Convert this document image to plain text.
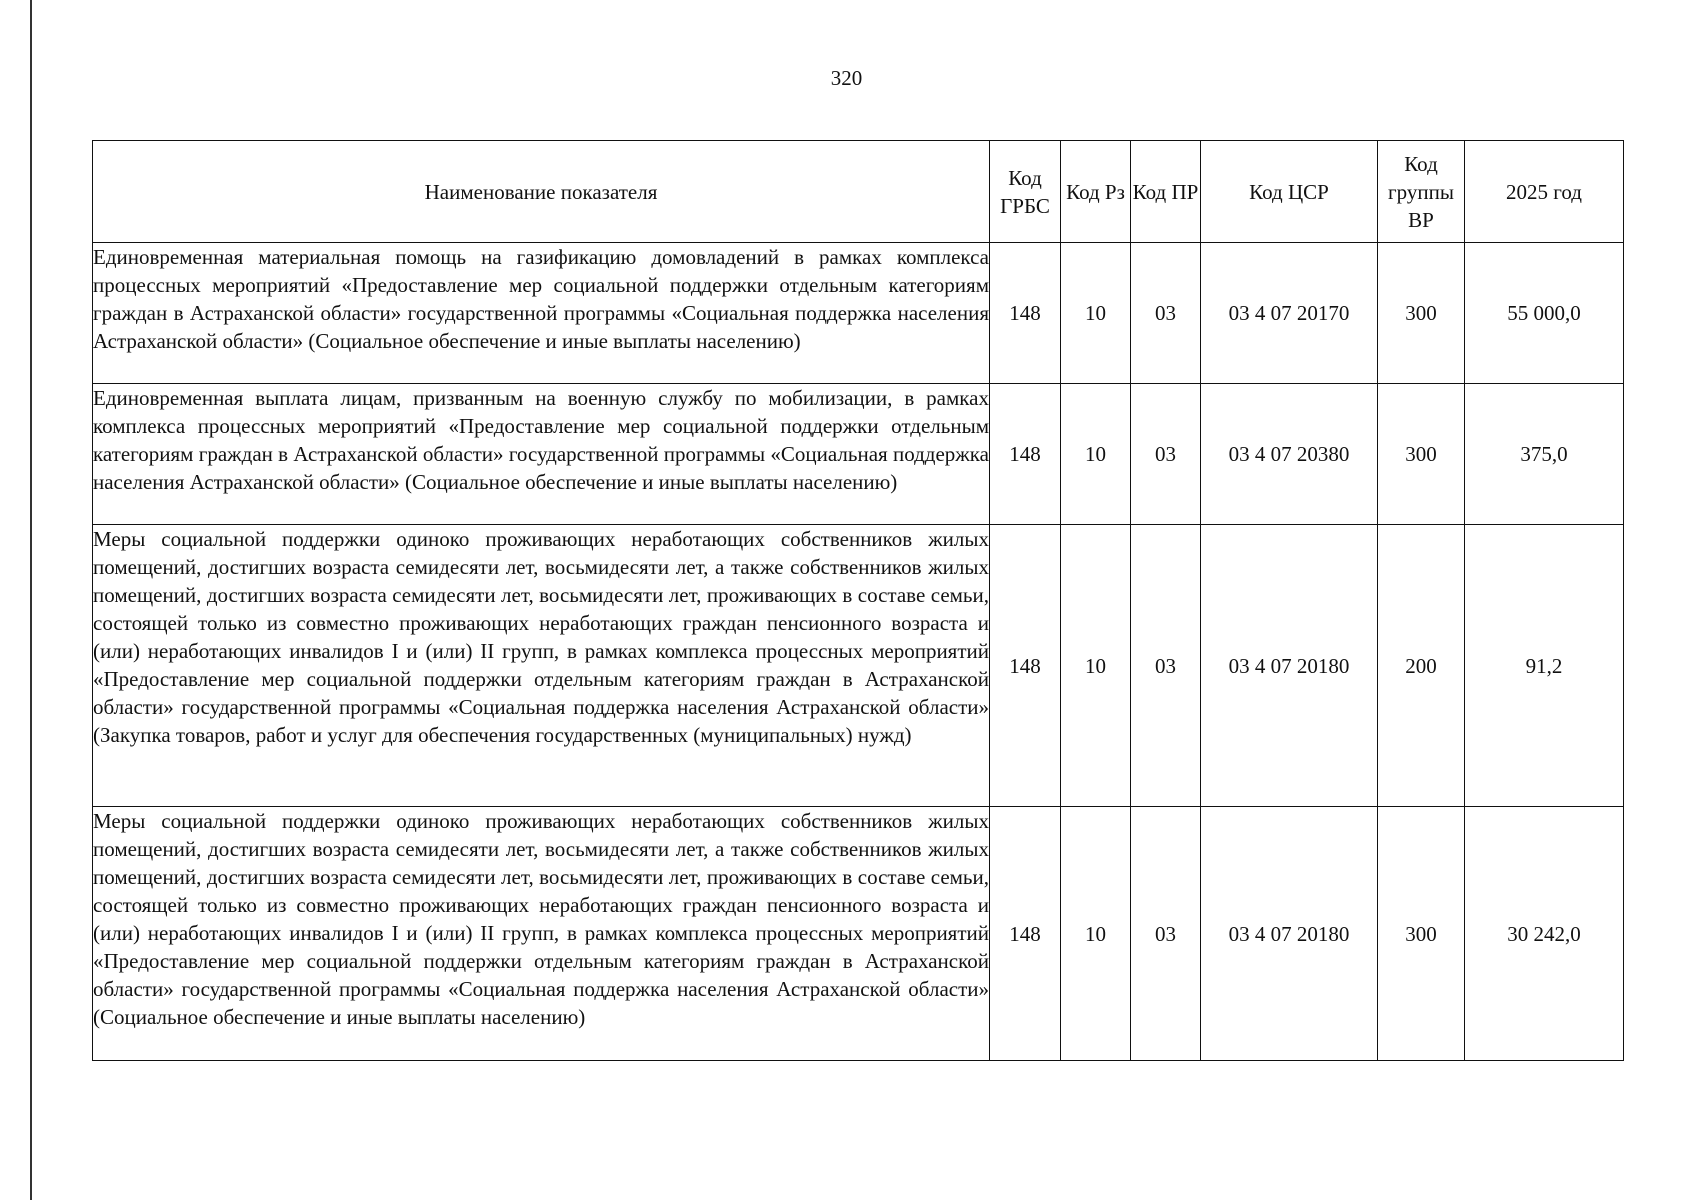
320
Наименование показателя	Код ГРБС	Код Рз	Код ПР	Код ЦСР	Код группы ВР	2025 год
Единовременная материальная помощь на газификацию домовладений в рамках комплекса процессных мероприятий «Предоставление мер социальной поддержки отдельным категориям граждан в Астраханской области» государственной программы «Социальная поддержка населения Астраханской области» (Социальное обеспечение и иные выплаты населению)	148	10	03	03 4 07 20170	300	55 000,0
Единовременная выплата лицам, призванным на военную службу по мобилизации, в рамках комплекса процессных мероприятий «Предоставление мер социальной поддержки отдельным категориям граждан в Астраханской области» государственной программы «Социальная поддержка населения Астраханской области» (Социальное обеспечение и иные выплаты населению)	148	10	03	03 4 07 20380	300	375,0
Меры социальной поддержки одиноко проживающих неработающих собственников жилых помещений, достигших возраста семидесяти лет, восьмидесяти лет, а также собственников жилых помещений, достигших возраста семидесяти лет, восьмидесяти лет, проживающих в составе семьи, состоящей только из совместно проживающих неработающих граждан пенсионного возраста и (или) неработающих инвалидов I и (или) II групп, в рамках комплекса процессных мероприятий «Предоставление мер социальной поддержки отдельным категориям граждан в Астраханской области» государственной программы «Социальная поддержка населения Астраханской области» (Закупка товаров, работ и услуг для обеспечения государственных (муниципальных) нужд)	148	10	03	03 4 07 20180	200	91,2
Меры социальной поддержки одиноко проживающих неработающих собственников жилых помещений, достигших возраста семидесяти лет, восьмидесяти лет, а также собственников жилых помещений, достигших возраста семидесяти лет, восьмидесяти лет, проживающих в составе семьи, состоящей только из совместно проживающих неработающих граждан пенсионного возраста и (или) неработающих инвалидов I и (или) II групп, в рамках комплекса процессных мероприятий «Предоставление мер социальной поддержки отдельным категориям граждан в Астраханской области» государственной программы «Социальная поддержка населения Астраханской области» (Социальное обеспечение и иные выплаты населению)	148	10	03	03 4 07 20180	300	30 242,0
